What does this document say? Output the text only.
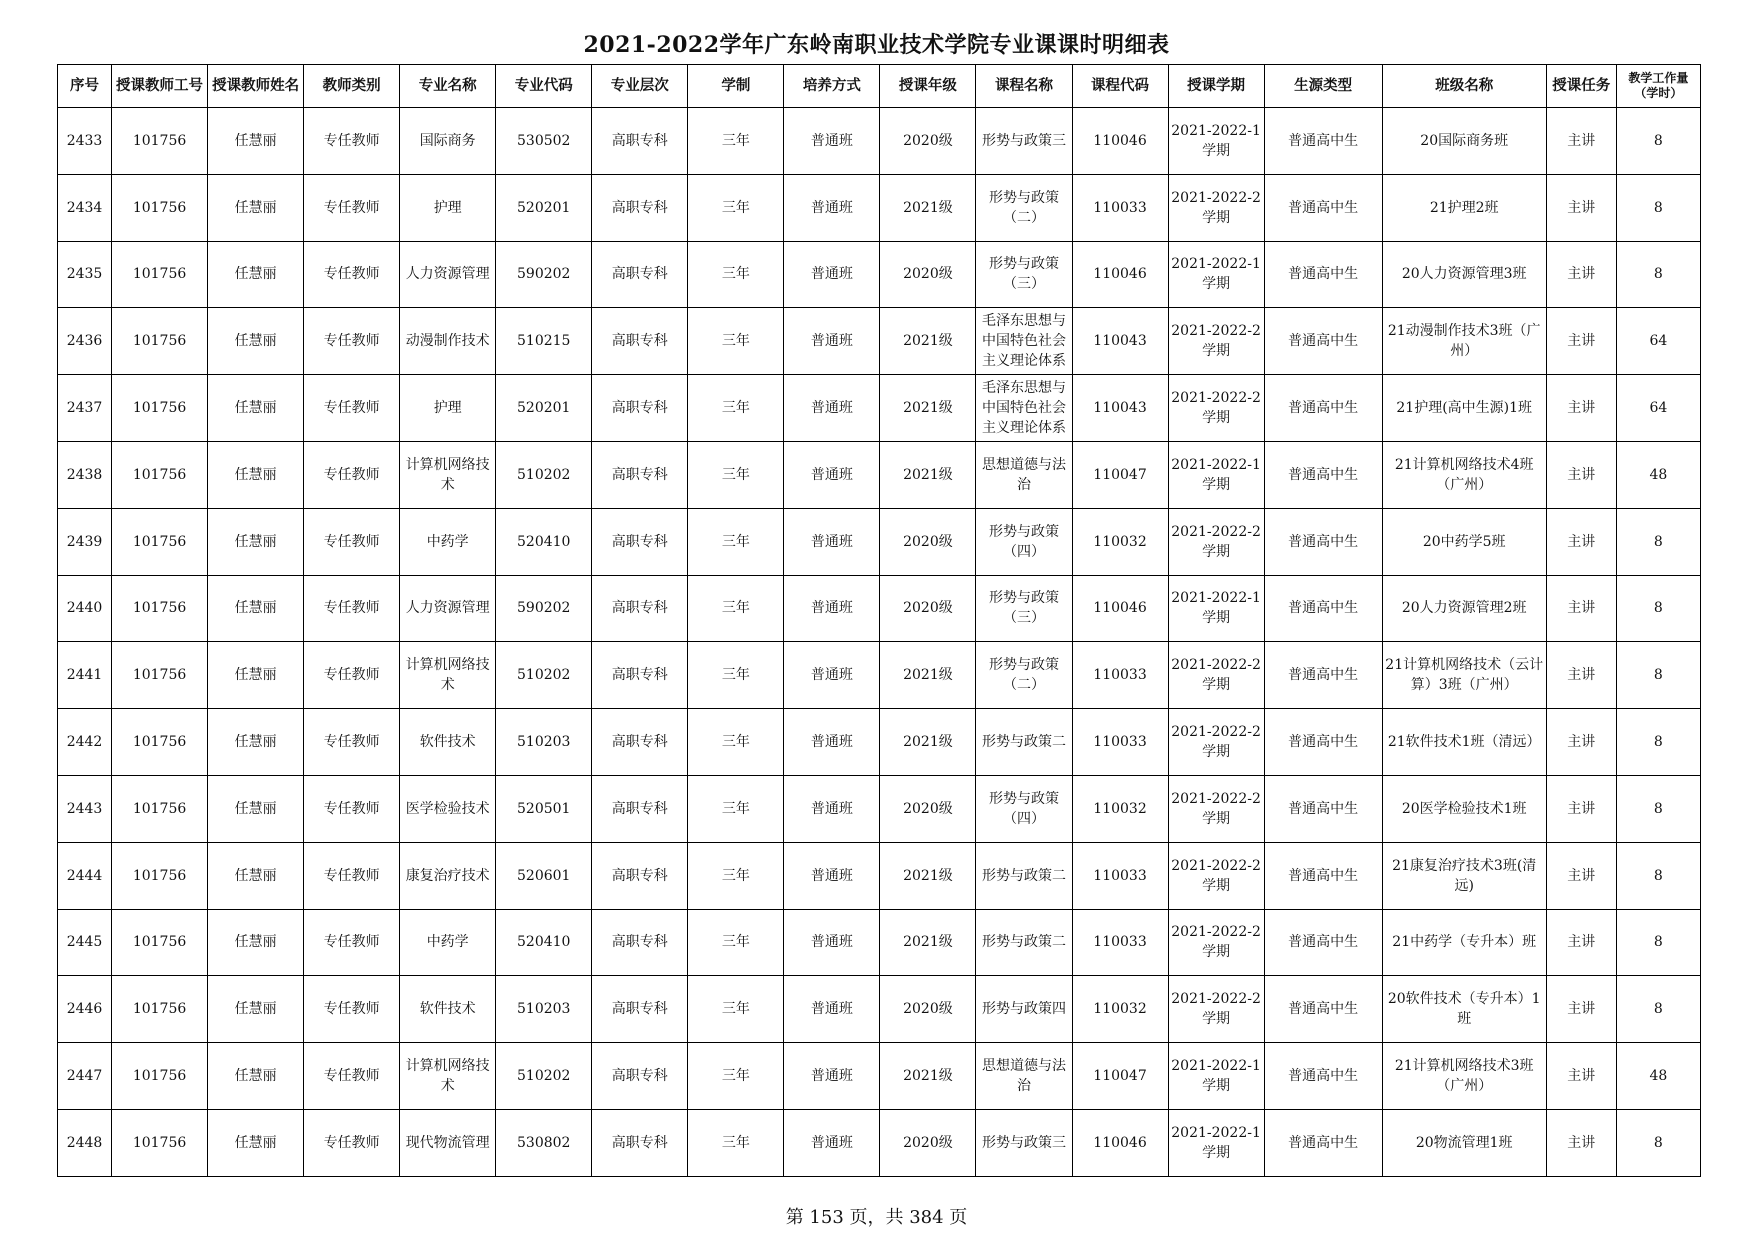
2021-2022学年广东岭南职业技术学院专业课课时明细表
序号	授课教师工号	授课教师姓名	教师类别	专业名称	专业代码	专业层次	学制	培养方式	授课年级	课程名称	课程代码	授课学期	生源类型	班级名称	授课任务	教学工作量（学时）
2433	101756	任慧丽	专任教师	国际商务	530502	高职专科	三年	普通班	2020级	形势与政策三	110046	2021-2022-1学期	普通高中生	20国际商务班	主讲	8
2434	101756	任慧丽	专任教师	护理	520201	高职专科	三年	普通班	2021级	形势与政策（二）	110033	2021-2022-2学期	普通高中生	21护理2班	主讲	8
2435	101756	任慧丽	专任教师	人力资源管理	590202	高职专科	三年	普通班	2020级	形势与政策（三）	110046	2021-2022-1学期	普通高中生	20人力资源管理3班	主讲	8
2436	101756	任慧丽	专任教师	动漫制作技术	510215	高职专科	三年	普通班	2021级	毛泽东思想与中国特色社会主义理论体系	110043	2021-2022-2学期	普通高中生	21动漫制作技术3班（广州）	主讲	64
2437	101756	任慧丽	专任教师	护理	520201	高职专科	三年	普通班	2021级	毛泽东思想与中国特色社会主义理论体系	110043	2021-2022-2学期	普通高中生	21护理(高中生源)1班	主讲	64
2438	101756	任慧丽	专任教师	计算机网络技术	510202	高职专科	三年	普通班	2021级	思想道德与法治	110047	2021-2022-1学期	普通高中生	21计算机网络技术4班（广州）	主讲	48
2439	101756	任慧丽	专任教师	中药学	520410	高职专科	三年	普通班	2020级	形势与政策（四）	110032	2021-2022-2学期	普通高中生	20中药学5班	主讲	8
2440	101756	任慧丽	专任教师	人力资源管理	590202	高职专科	三年	普通班	2020级	形势与政策（三）	110046	2021-2022-1学期	普通高中生	20人力资源管理2班	主讲	8
2441	101756	任慧丽	专任教师	计算机网络技术	510202	高职专科	三年	普通班	2021级	形势与政策（二）	110033	2021-2022-2学期	普通高中生	21计算机网络技术（云计算）3班（广州）	主讲	8
2442	101756	任慧丽	专任教师	软件技术	510203	高职专科	三年	普通班	2021级	形势与政策二	110033	2021-2022-2学期	普通高中生	21软件技术1班（清远）	主讲	8
2443	101756	任慧丽	专任教师	医学检验技术	520501	高职专科	三年	普通班	2020级	形势与政策（四）	110032	2021-2022-2学期	普通高中生	20医学检验技术1班	主讲	8
2444	101756	任慧丽	专任教师	康复治疗技术	520601	高职专科	三年	普通班	2021级	形势与政策二	110033	2021-2022-2学期	普通高中生	21康复治疗技术3班(清远)	主讲	8
2445	101756	任慧丽	专任教师	中药学	520410	高职专科	三年	普通班	2021级	形势与政策二	110033	2021-2022-2学期	普通高中生	21中药学（专升本）班	主讲	8
2446	101756	任慧丽	专任教师	软件技术	510203	高职专科	三年	普通班	2020级	形势与政策四	110032	2021-2022-2学期	普通高中生	20软件技术（专升本）1班	主讲	8
2447	101756	任慧丽	专任教师	计算机网络技术	510202	高职专科	三年	普通班	2021级	思想道德与法治	110047	2021-2022-1学期	普通高中生	21计算机网络技术3班（广州）	主讲	48
2448	101756	任慧丽	专任教师	现代物流管理	530802	高职专科	三年	普通班	2020级	形势与政策三	110046	2021-2022-1学期	普通高中生	20物流管理1班	主讲	8
第 153 页，共 384 页
